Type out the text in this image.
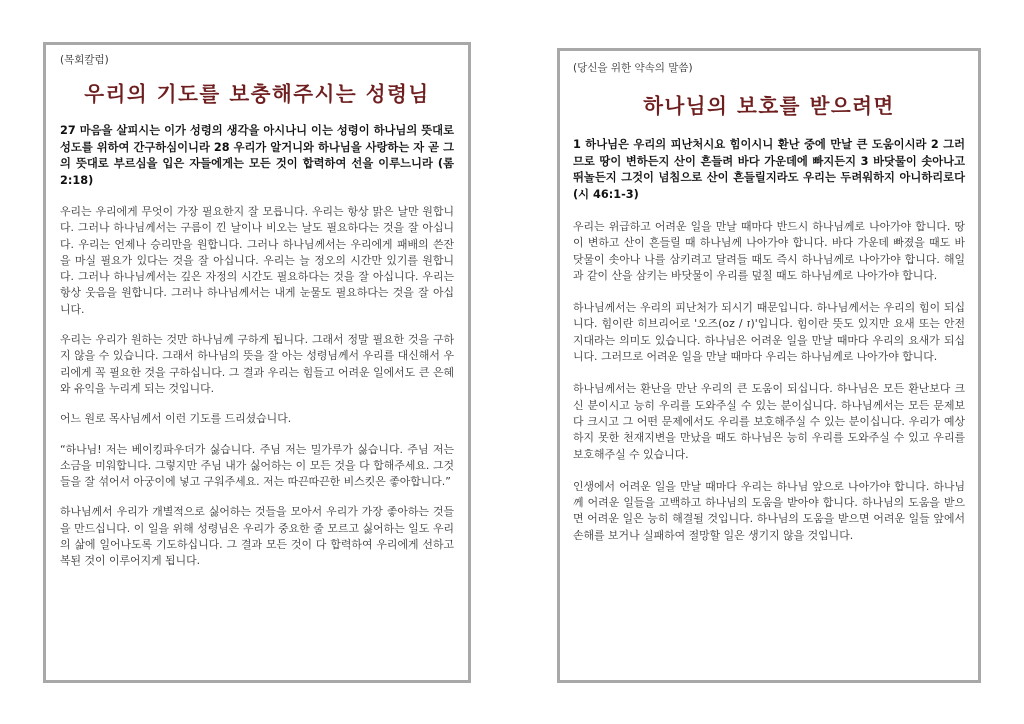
(목회칼럼)

우리의 기도를 보충해주시는 성령님

27 마음을 살피시는 이가 성령의 생각을 아시나니 이는 성령이 하나님의 뜻대로 성도를 위하여 간구하심이니라 28 우리가 알거니와 하나님을 사랑하는 자 곧 그의 뜻대로 부르심을 입은 자들에게는 모든 것이 합력하여 선을 이루느니라 (롬 2:18)

우리는 우리에게 무엇이 가장 필요한지 잘 모릅니다. 우리는 항상 맑은 날만 원합니다. 그러나 하나님께서는 구름이 낀 날이나 비오는 날도 필요하다는 것을 잘 아십니다. 우리는 언제나 승리만을 원합니다. 그러나 하나님께서는 우리에게 패배의 쓴잔을 마실 필요가 있다는 것을 잘 아십니다. 우리는 늘 정오의 시간만 있기를 원합니다. 그러나 하나님께서는 깊은 자정의 시간도 필요하다는 것을 잘 아십니다. 우리는 항상 웃음을 원합니다. 그러나 하나님께서는 내게 눈물도 필요하다는 것을 잘 아십니다.

우리는 우리가 원하는 것만 하나님께 구하게 됩니다. 그래서 정말 필요한 것을 구하지 않을 수 있습니다. 그래서 하나님의 뜻을 잘 아는 성령님께서 우리를 대신해서 우리에게 꼭 필요한 것을 구하십니다. 그 결과 우리는 힘들고 어려운 일에서도 큰 은혜와 유익을 누리게 되는 것입니다.

어느 원로 목사님께서 이런 기도를 드리셨습니다.

“하나님! 저는 베이킹파우더가 싫습니다. 주님 저는 밀가루가 싫습니다. 주님 저는 소금을 미워합니다. 그렇지만 주님 내가 싫어하는 이 모든 것을 다 합해주세요. 그것들을 잘 섞어서 아궁이에 넣고 구워주세요. 저는 따끈따끈한 비스킷은 좋아합니다.”

하나님께서 우리가 개별적으로 싫어하는 것들을 모아서 우리가 가장 좋아하는 것들을 만드십니다. 이 일을 위해 성령님은 우리가 중요한 줄 모르고 싫어하는 일도 우리의 삶에 일어나도록 기도하십니다. 그 결과 모든 것이 다 합력하여 우리에게 선하고 복된 것이 이루어지게 됩니다.

(당신을 위한 약속의 말씀)

하나님의 보호를 받으려면

1 하나님은 우리의 피난처시요 힘이시니 환난 중에 만날 큰 도움이시라 2 그러므로 땅이 변하든지 산이 흔들려 바다 가운데에 빠지든지 3 바닷물이 솟아나고 뛰놀든지 그것이 넘침으로 산이 흔들릴지라도 우리는 두려워하지 아니하리로다 (시 46:1-3)

우리는 위급하고 어려운 일을 만날 때마다 반드시 하나님께로 나아가야 합니다. 땅이 변하고 산이 흔들릴 때 하나님께 나아가야 합니다. 바다 가운데 빠졌을 때도 바닷물이 솟아나 나를 삼키려고 달려들 때도 즉시 하나님께로 나아가야 합니다. 해일과 같이 산을 삼키는 바닷물이 우리를 덮칠 때도 하나님께로 나아가야 합니다.

하나님께서는 우리의 피난처가 되시기 때문입니다. 하나님께서는 우리의 힘이 되십니다. 힘이란 히브리어로 '오즈(oz / ז)'입니다. 힘이란 뜻도 있지만 요새 또는 안전지대라는 의미도 있습니다. 하나님은 어려운 일을 만날 때마다 우리의 요새가 되십니다. 그러므로 어려운 일을 만날 때마다 우리는 하나님께로 나아가야 합니다.

하나님께서는 환난을 만난 우리의 큰 도움이 되십니다. 하나님은 모든 환난보다 크신 분이시고 능히 우리를 도와주실 수 있는 분이십니다. 하나님께서는 모든 문제보다 크시고 그 어떤 문제에서도 우리를 보호해주실 수 있는 분이십니다. 우리가 예상하지 못한 천재지변을 만났을 때도 하나님은 능히 우리를 도와주실 수 있고 우리를 보호해주실 수 있습니다.

인생에서 어려운 일을 만날 때마다 우리는 하나님 앞으로 나아가야 합니다. 하나님께 어려운 일들을 고백하고 하나님의 도움을 받아야 합니다. 하나님의 도움을 받으면 어려운 일은 능히 해결될 것입니다. 하나님의 도움을 받으면 어려운 일들 앞에서 손해를 보거나 실패하여 절망할 일은 생기지 않을 것입니다.
